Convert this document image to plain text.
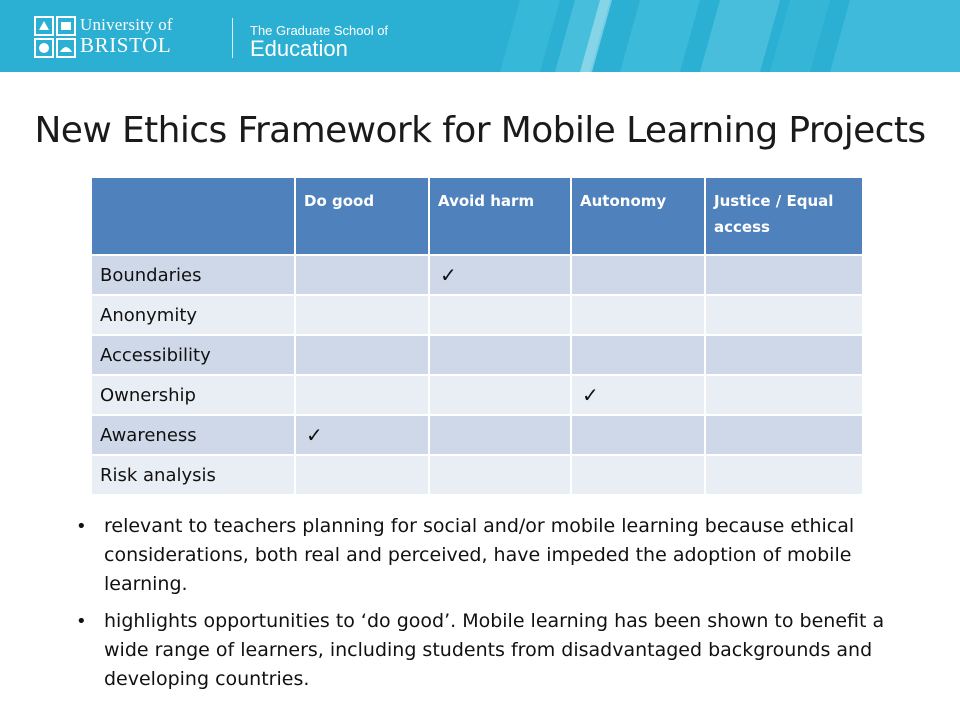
University of
BRISTOL
The Graduate School of
Education
New Ethics Framework for Mobile Learning Projects
	Do good	Avoid harm	Autonomy	Justice / Equal access
Boundaries		✓		
Anonymity				
Accessibility				
Ownership			✓	
Awareness	✓			
Risk analysis				
• relevant to teachers planning for social and/or mobile learning because ethical considerations, both real and perceived, have impeded the adoption of mobile learning.
• highlights opportunities to ‘do good’. Mobile learning has been shown to benefit a wide range of learners, including students from disadvantaged backgrounds and developing countries.
